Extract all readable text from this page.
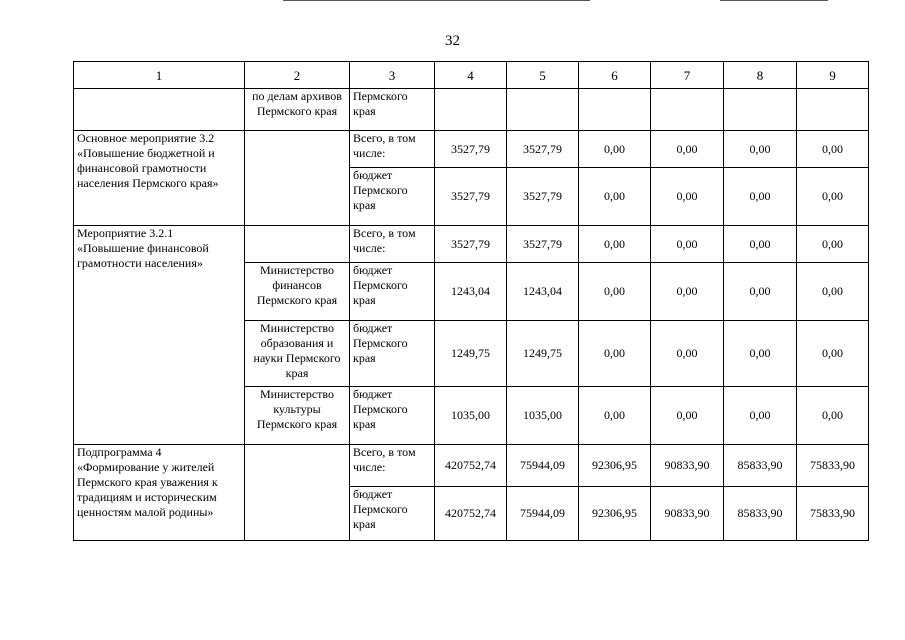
32
1	2	3	4	5	6	7	8	9
	по делам архивов Пермского края	Пермского края						
Основное мероприятие 3.2 «Повышение бюджетной и финансовой грамотности населения Пермского края»		Всего, в том числе:	3527,79	3527,79	0,00	0,00	0,00	0,00
		бюджет Пермского края	3527,79	3527,79	0,00	0,00	0,00	0,00
Мероприятие 3.2.1 «Повышение финансовой грамотности населения»		Всего, в том числе:	3527,79	3527,79	0,00	0,00	0,00	0,00
	Министерство финансов Пермского края	бюджет Пермского края	1243,04	1243,04	0,00	0,00	0,00	0,00
	Министерство образования и науки Пермского края	бюджет Пермского края	1249,75	1249,75	0,00	0,00	0,00	0,00
	Министерство культуры Пермского края	бюджет Пермского края	1035,00	1035,00	0,00	0,00	0,00	0,00
Подпрограмма 4 «Формирование у жителей Пермского края уважения к традициям и историческим ценностям малой родины»		Всего, в том числе:	420752,74	75944,09	92306,95	90833,90	85833,90	75833,90
		бюджет Пермского края	420752,74	75944,09	92306,95	90833,90	85833,90	75833,90
